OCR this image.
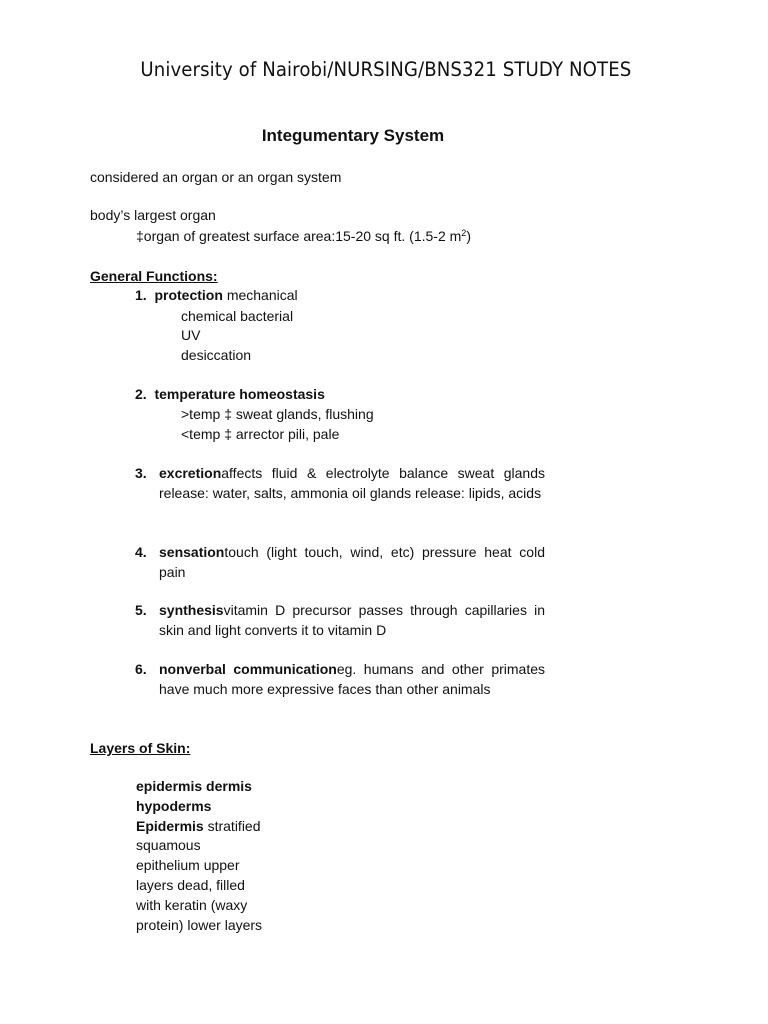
University of Nairobi/NURSING/BNS321 STUDY NOTES
Integumentary System
considered an organ or an organ system
body’s largest organ
‡organ of greatest surface area:15-20 sq ft. (1.5-2 $m^2$)
General Functions:
1. protection mechanical
chemical bacterial
UV
desiccation
2. temperature homeostasis
>temp ‡ sweat glands, flushing
<temp ‡ arrector pili, pale
3. excretionaffects fluid & electrolyte balance sweat glands release: water, salts, ammonia oil glands release: lipids, acids
4. sensationtouch (light touch, wind, etc) pressure heat cold pain
5. synthesisvitamin D precursor passes through capillaries in skin and light converts it to vitamin D
6. nonverbal communicationeg. humans and other primates have much more expressive faces than other animals
Layers of Skin:
epidermis dermis
hypoderms
Epidermis stratified
squamous
epithelium upper
layers dead, filled
with keratin (waxy
protein) lower layers
